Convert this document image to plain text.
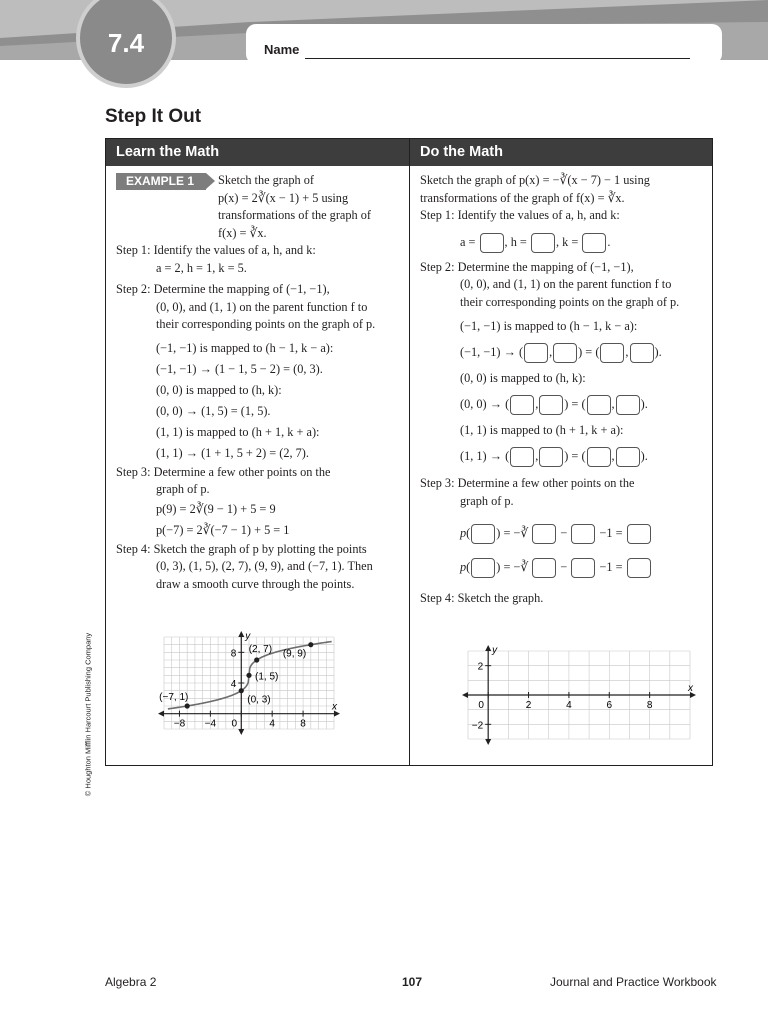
7.4	Name
Step It Out
© Houghton Mifflin Harcourt Publishing Company
Learn the Math	Do the Math
EXAMPLE 1	Sketch the graph of

p(x) = 2∛(x − 1) + 5 using

transformations of the graph of

f(x) = ∛x.

Step 1: Identify the values of a, h, and k:

a = 2, h = 1, k = 5.

Step 2: Determine the mapping of (−1, −1),

(0, 0), and (1, 1) on the parent function f to

their corresponding points on the graph of p.

(−1, −1) is mapped to (h − 1, k − a):

(−1, −1) → (1 − 1, 5 − 2) = (0, 3).

(0, 0) is mapped to (h, k):

(0, 0) → (1, 5) = (1, 5).

(1, 1) is mapped to (h + 1, k + a):

(1, 1) → (1 + 1, 5 + 2) = (2, 7).

Step 3: Determine a few other points on the

graph of p.

p(9) = 2∛(9 − 1) + 5 = 9

p(−7) = 2∛(−7 − 1) + 5 = 1

Step 4: Sketch the graph of p by plotting the points

(0, 3), (1, 5), (2, 7), (9, 9), and (−7, 1). Then

draw a smooth curve through the points.

x
y
−8 −4 0	4	8
4
8
(−7, 1)	(0, 3)
(1, 5)
(2, 7) (9, 9)

Sketch the graph of p(x) = −∛(x − 7) − 1 using

transformations of the graph of f(x) = ∛x.

Step 1: Identify the values of a, h, and k:

a = , h = , k = .

Step 2: Determine the mapping of (−1, −1),

(0, 0), and (1, 1) on the parent function f to

their corresponding points on the graph of p.

(−1, −1) is mapped to (h − 1, k − a):

(−1, −1) → ( , ) = ( , ).

(0, 0) is mapped to (h, k):

(0, 0) → ( , ) = ( , ).

(1, 1) is mapped to (h + 1, k + a):

(1, 1) → ( , ) = ( , ).

Step 3: Determine a few other points on the

graph of p.

p( ) = −∛  −  −1 =

p( ) = −∛  −  −1 =

Step 4: Sketch the graph.

x
y
0	2	4	6	8
2
−2
Algebra 2	107	Journal and Practice Workbook
